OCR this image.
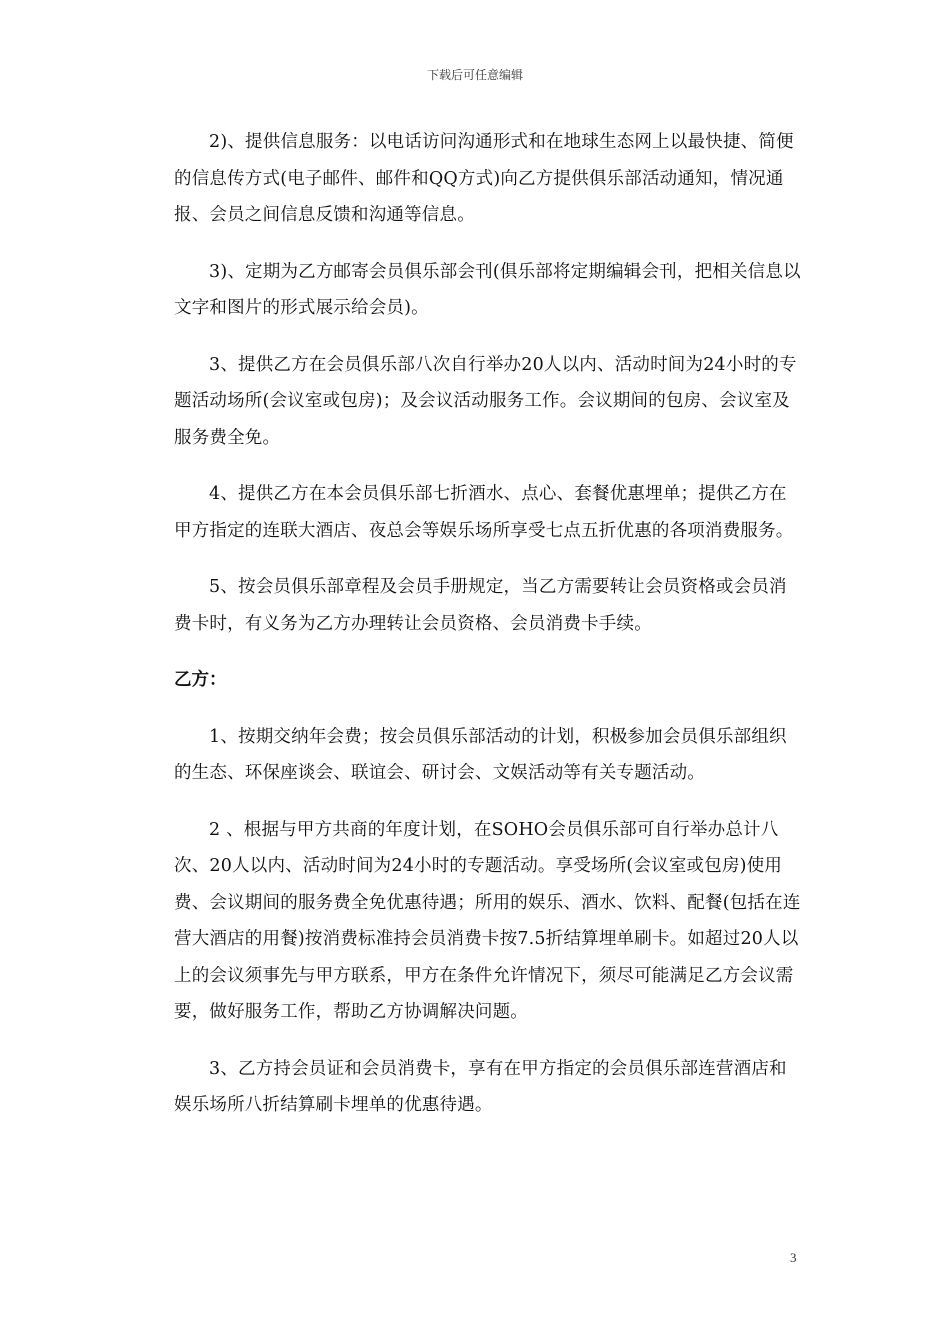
下载后可任意编辑

2)、提供信息服务：以电话访问沟通形式和在地球生态网上以最快捷、简便的信息传方式(电子邮件、邮件和QQ方式)向乙方提供俱乐部活动通知，情况通报、会员之间信息反馈和沟通等信息。

3)、定期为乙方邮寄会员俱乐部会刊(俱乐部将定期编辑会刊，把相关信息以文字和图片的形式展示给会员)。

3、提供乙方在会员俱乐部八次自行举办20人以内、活动时间为24小时的专题活动场所(会议室或包房)；及会议活动服务工作。会议期间的包房、会议室及服务费全免。

4、提供乙方在本会员俱乐部七折酒水、点心、套餐优惠埋单；提供乙方在甲方指定的连联大酒店、夜总会等娱乐场所享受七点五折优惠的各项消费服务。

5、按会员俱乐部章程及会员手册规定，当乙方需要转让会员资格或会员消费卡时，有义务为乙方办理转让会员资格、会员消费卡手续。

乙方：

1、按期交纳年会费；按会员俱乐部活动的计划，积极参加会员俱乐部组织的生态、环保座谈会、联谊会、研讨会、文娱活动等有关专题活动。

2 、根据与甲方共商的年度计划，在SOHO会员俱乐部可自行举办总计八次、20人以内、活动时间为24小时的专题活动。享受场所(会议室或包房)使用费、会议期间的服务费全免优惠待遇；所用的娱乐、酒水、饮料、配餐(包括在连营大酒店的用餐)按消费标准持会员消费卡按7.5折结算埋单刷卡。如超过20人以上的会议须事先与甲方联系，甲方在条件允许情况下，须尽可能满足乙方会议需要，做好服务工作，帮助乙方协调解决问题。

3、乙方持会员证和会员消费卡，享有在甲方指定的会员俱乐部连营酒店和娱乐场所八折结算刷卡埋单的优惠待遇。

3
